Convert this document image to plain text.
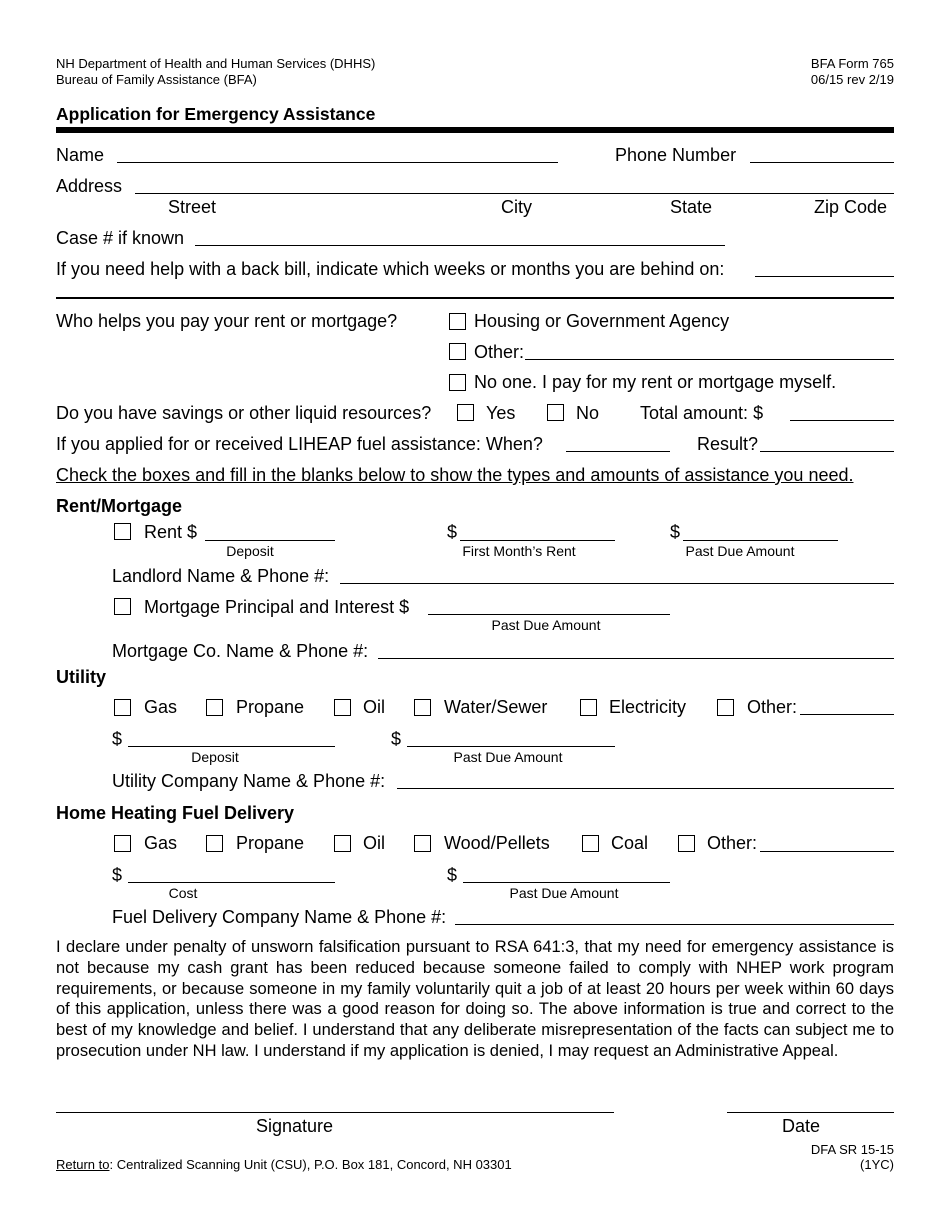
NH Department of Health and Human Services (DHHS)
Bureau of Family Assistance (BFA)
BFA Form 765
06/15 rev 2/19
Application for Emergency Assistance
Name	Phone Number
Address
Street	City	State	Zip Code
Case # if known
If you need help with a back bill, indicate which weeks or months you are behind on:
Who helps you pay your rent or mortgage?	Housing or Government Agency
Other:
No one. I pay for my rent or mortgage myself.
Do you have savings or other liquid resources?	Yes	No Total amount: $
If you applied for or received LIHEAP fuel assistance: When?	Result?
Check the boxes and fill in the blanks below to show the types and amounts of assistance you need.
Rent/Mortgage
Rent $
Deposit
$
First Month’s Rent
$
Past Due Amount
Landlord Name & Phone #:
Mortgage Principal and Interest $
Past Due Amount
Mortgage Co. Name & Phone #:
Utility
Gas	Propane	Oil	Water/Sewer	Electricity	Other:
$
Deposit
$
Past Due Amount
Utility Company Name & Phone #:
Home Heating Fuel Delivery
Gas	Propane	Oil	Wood/Pellets	Coal	Other:
$
Cost
$
Past Due Amount
Fuel Delivery Company Name & Phone #:
I declare under penalty of unsworn falsification pursuant to RSA 641:3, that my need for emergency assistance is not because my cash grant has been reduced because someone failed to comply with NHEP work program requirements, or because someone in my family voluntarily quit a job of at least 20 hours per week within 60 days of this application, unless there was a good reason for doing so. The above information is true and correct to the best of my knowledge and belief. I understand that any deliberate misrepresentation of the facts can subject me to prosecution under NH law. I understand if my application is denied, I may request an Administrative Appeal.
Signature	Date
Return to: Centralized Scanning Unit (CSU), P.O. Box 181, Concord, NH 03301
DFA SR 15-15
(1YC)
